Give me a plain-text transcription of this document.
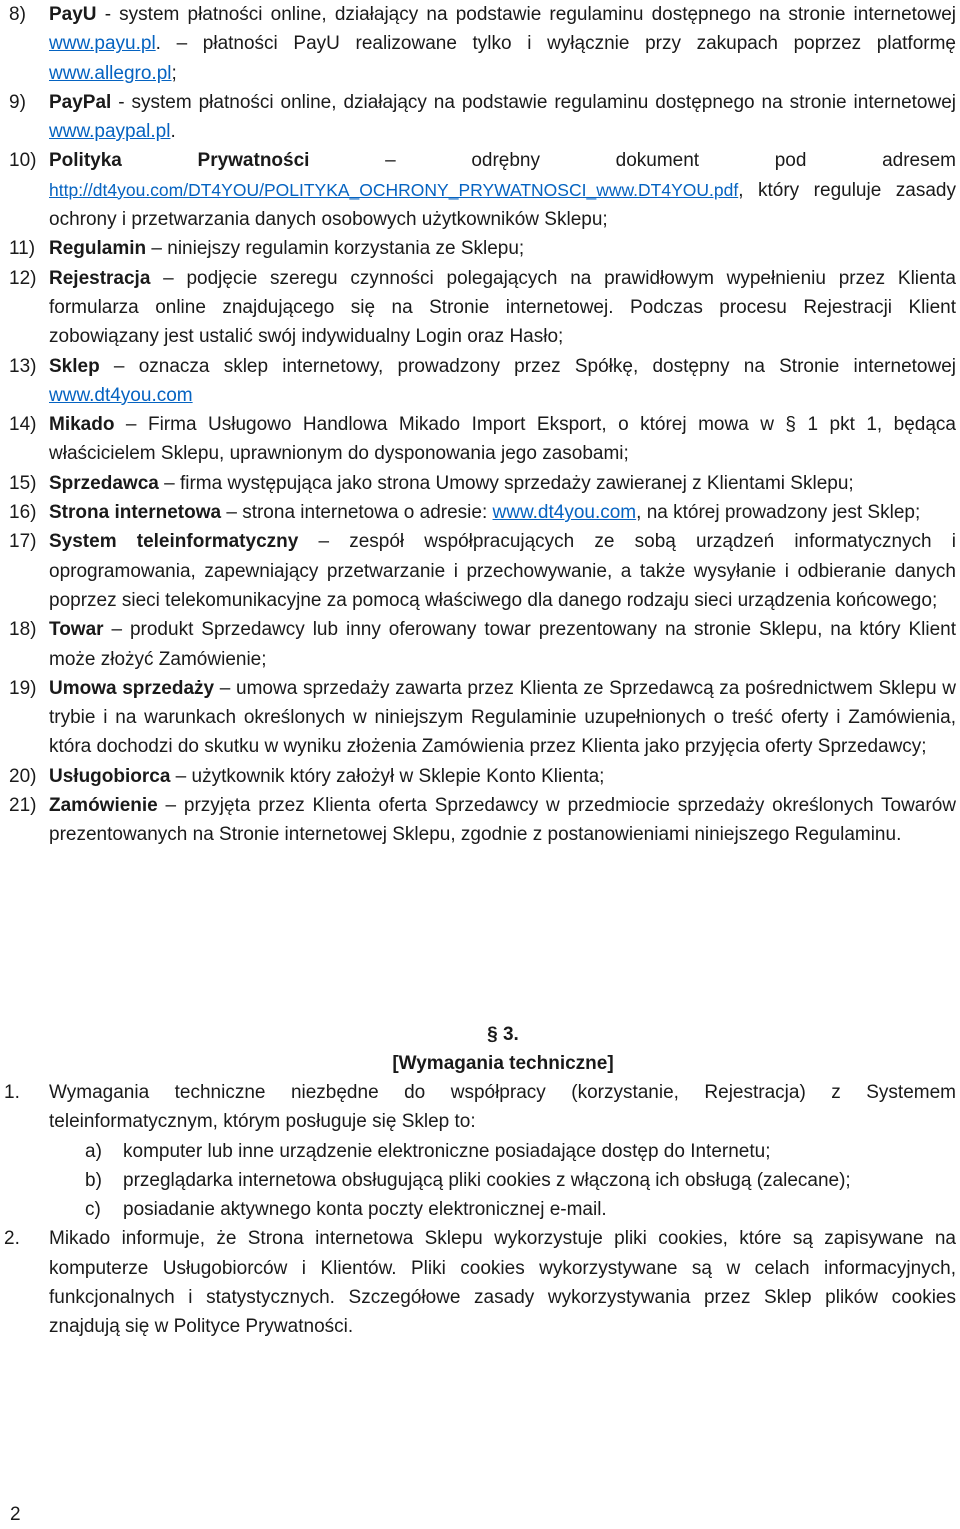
8) PayU - system płatności online, działający na podstawie regulaminu dostępnego na stronie internetowej www.payu.pl. – płatności PayU realizowane tylko i wyłącznie przy zakupach poprzez platformę www.allegro.pl;
9) PayPal - system płatności online, działający na podstawie regulaminu dostępnego na stronie internetowej www.paypal.pl.
10) Polityka Prywatności – odrębny dokument pod adresem http://dt4you.com/DT4YOU/POLITYKA_OCHRONY_PRYWATNOSCI_www.DT4YOU.pdf, który reguluje zasady ochrony i przetwarzania danych osobowych użytkowników Sklepu;
11) Regulamin – niniejszy regulamin korzystania ze Sklepu;
12) Rejestracja – podjęcie szeregu czynności polegających na prawidłowym wypełnieniu przez Klienta formularza online znajdującego się na Stronie internetowej. Podczas procesu Rejestracji Klient zobowiązany jest ustalić swój indywidualny Login oraz Hasło;
13) Sklep – oznacza sklep internetowy, prowadzony przez Spółkę, dostępny na Stronie internetowej www.dt4you.com
14) Mikado – Firma Usługowo Handlowa Mikado Import Eksport, o której mowa w § 1 pkt 1, będąca właścicielem Sklepu, uprawnionym do dysponowania jego zasobami;
15) Sprzedawca – firma występująca jako strona Umowy sprzedaży zawieranej z Klientami Sklepu;
16) Strona internetowa – strona internetowa o adresie: www.dt4you.com, na której prowadzony jest Sklep;
17) System teleinformatyczny – zespół współpracujących ze sobą urządzeń informatycznych i oprogramowania, zapewniający przetwarzanie i przechowywanie, a także wysyłanie i odbieranie danych poprzez sieci telekomunikacyjne za pomocą właściwego dla danego rodzaju sieci urządzenia końcowego;
18) Towar – produkt Sprzedawcy lub inny oferowany towar prezentowany na stronie Sklepu, na który Klient może złożyć Zamówienie;
19) Umowa sprzedaży – umowa sprzedaży zawarta przez Klienta ze Sprzedawcą za pośrednictwem Sklepu w trybie i na warunkach określonych w niniejszym Regulaminie uzupełnionych o treść oferty i Zamówienia, która dochodzi do skutku w wyniku złożenia Zamówienia przez Klienta jako przyjęcia oferty Sprzedawcy;
20) Usługobiorca – użytkownik który założył w Sklepie Konto Klienta;
21) Zamówienie – przyjęta przez Klienta oferta Sprzedawcy w przedmiocie sprzedaży określonych Towarów prezentowanych na Stronie internetowej Sklepu, zgodnie z postanowieniami niniejszego Regulaminu.
§ 3.
[Wymagania techniczne]
1. Wymagania techniczne niezbędne do współpracy (korzystanie, Rejestracja) z Systemem teleinformatycznym, którym posługuje się Sklep to:
a) komputer lub inne urządzenie elektroniczne posiadające dostęp do Internetu;
b) przeglądarka internetowa obsługującą pliki cookies z włączoną ich obsługą (zalecane);
c) posiadanie aktywnego konta poczty elektronicznej e-mail.
2. Mikado informuje, że Strona internetowa Sklepu wykorzystuje pliki cookies, które są zapisywane na komputerze Usługobiorców i Klientów. Pliki cookies wykorzystywane są w celach informacyjnych, funkcjonalnych i statystycznych. Szczegółowe zasady wykorzystywania przez Sklep plików cookies znajdują się w Polityce Prywatności.
2
